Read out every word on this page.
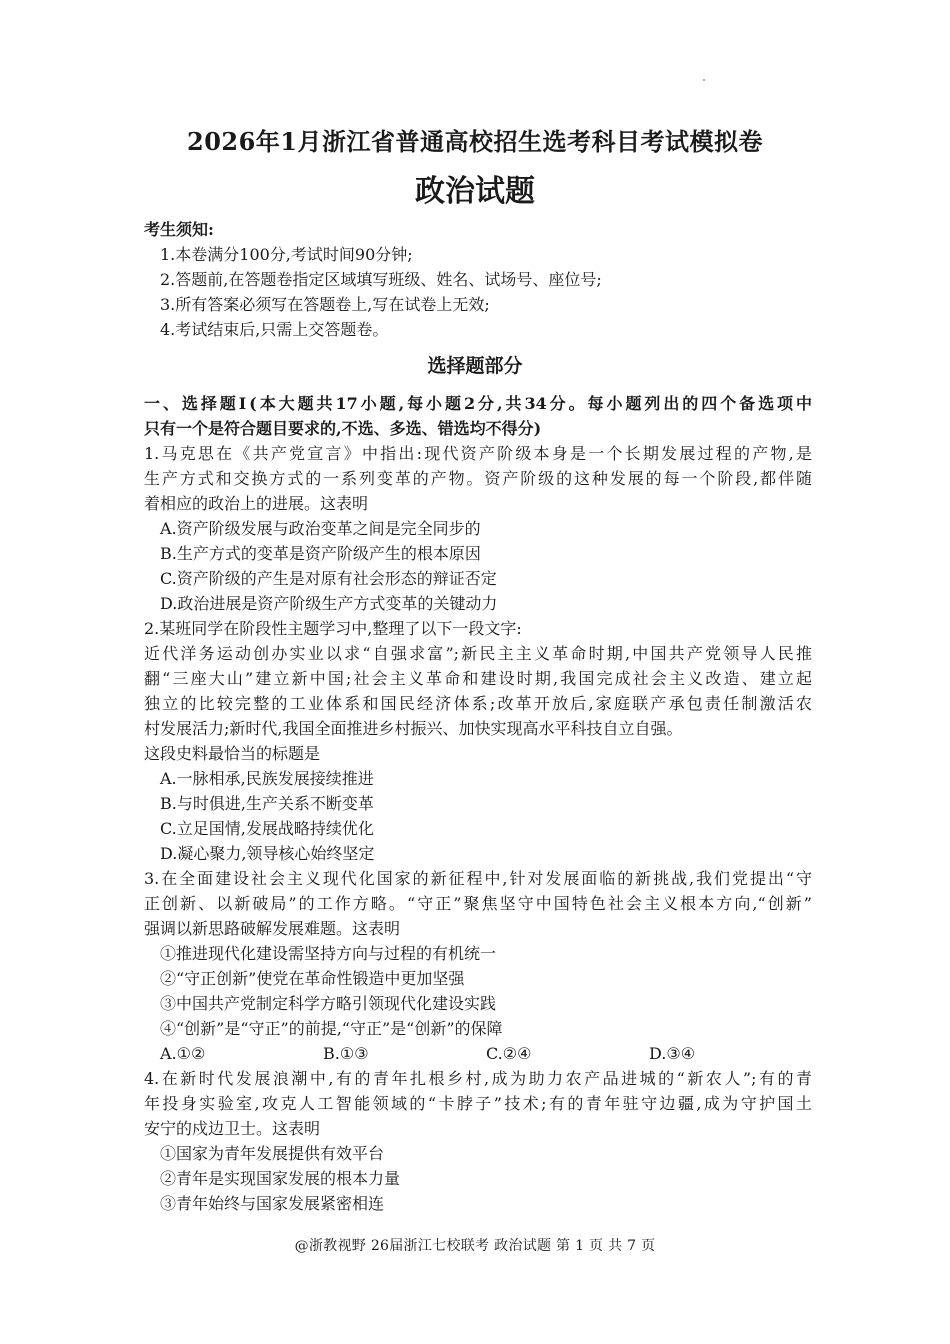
2026年1月浙江省普通高校招生选考科目考试模拟卷
政治试题
考生须知:
1.本卷满分100分,考试时间90分钟;
2.答题前,在答题卷指定区域填写班级、姓名、试场号、座位号;
3.所有答案必须写在答题卷上,写在试卷上无效;
4.考试结束后,只需上交答题卷。
选择题部分
一、选择题Ⅰ(本大题共17小题,每小题2分,共34分。每小题列出的四个备选项中
只有一个是符合题目要求的,不选、多选、错选均不得分)
1.马克思在《共产党宣言》中指出:现代资产阶级本身是一个长期发展过程的产物,是
生产方式和交换方式的一系列变革的产物。资产阶级的这种发展的每一个阶段,都伴随
着相应的政治上的进展。这表明
A.资产阶级发展与政治变革之间是完全同步的
B.生产方式的变革是资产阶级产生的根本原因
C.资产阶级的产生是对原有社会形态的辩证否定
D.政治进展是资产阶级生产方式变革的关键动力
2.某班同学在阶段性主题学习中,整理了以下一段文字:
近代洋务运动创办实业以求“自强求富”;新民主主义革命时期,中国共产党领导人民推
翻“三座大山”建立新中国;社会主义革命和建设时期,我国完成社会主义改造、建立起
独立的比较完整的工业体系和国民经济体系;改革开放后,家庭联产承包责任制激活农
村发展活力;新时代,我国全面推进乡村振兴、加快实现高水平科技自立自强。
这段史料最恰当的标题是
A.一脉相承,民族发展接续推进
B.与时俱进,生产关系不断变革
C.立足国情,发展战略持续优化
D.凝心聚力,领导核心始终坚定
3.在全面建设社会主义现代化国家的新征程中,针对发展面临的新挑战,我们党提出“守
正创新、以新破局”的工作方略。“守正”聚焦坚守中国特色社会主义根本方向,“创新”
强调以新思路破解发展难题。这表明
①推进现代化建设需坚持方向与过程的有机统一
②“守正创新”使党在革命性锻造中更加坚强
③中国共产党制定科学方略引领现代化建设实践
④“创新”是“守正”的前提,“守正”是“创新”的保障
A.①②	B.①③	C.②④	D.③④
4.在新时代发展浪潮中,有的青年扎根乡村,成为助力农产品进城的“新农人”;有的青
年投身实验室,攻克人工智能领域的“卡脖子”技术;有的青年驻守边疆,成为守护国土
安宁的戍边卫士。这表明
①国家为青年发展提供有效平台
②青年是实现国家发展的根本力量
③青年始终与国家发展紧密相连
@浙教视野 26届浙江七校联考 政治试题 第 1 页 共 7 页
